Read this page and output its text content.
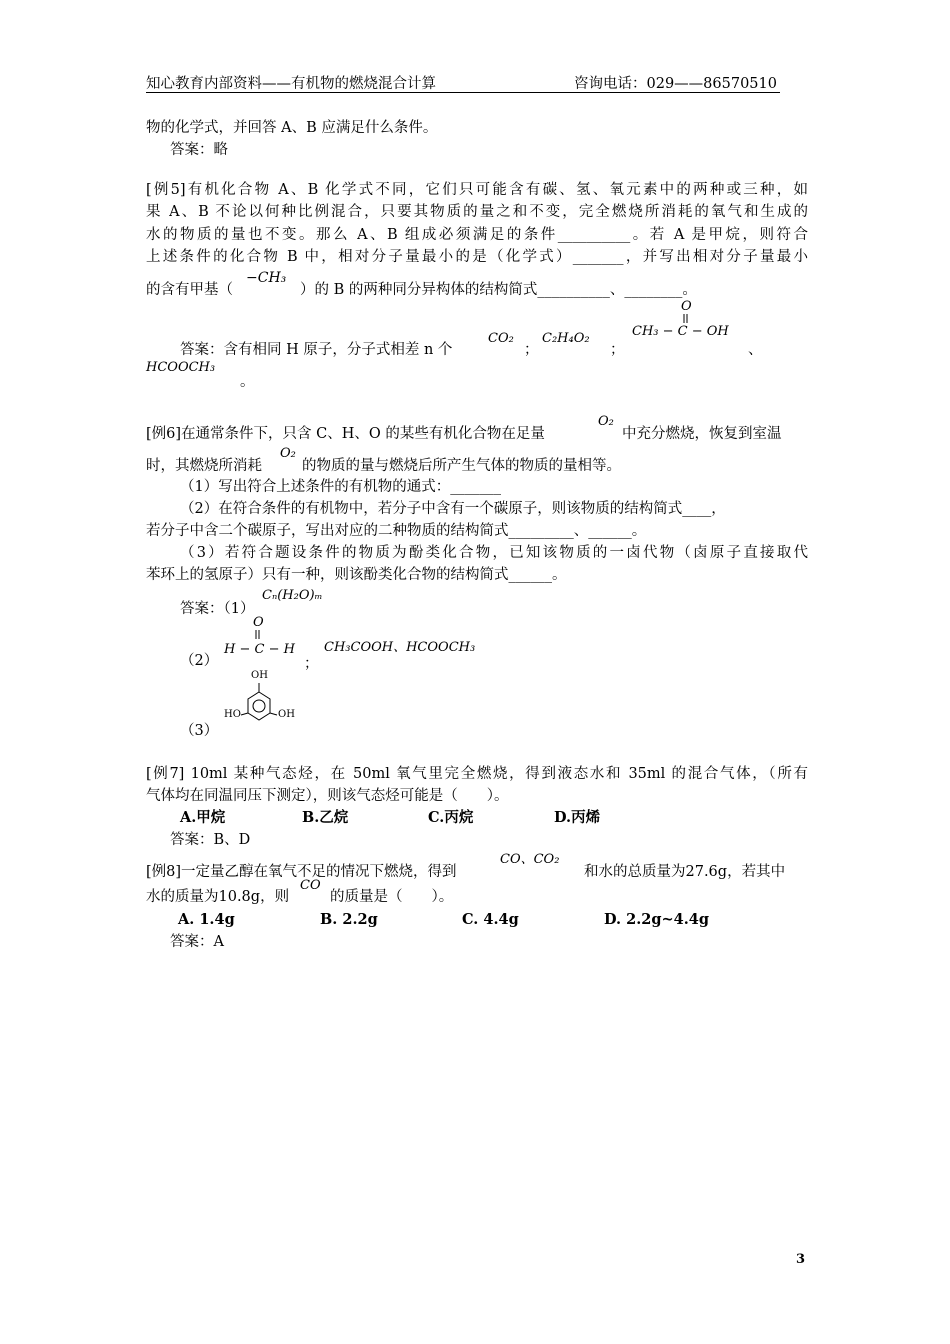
知心教育内部资料——有机物的燃烧混合计算	咨询电话：029——86570510
物的化学式，并回答 A、B 应满足什么条件。
答案：略
[例5]有机化合物 A、B 化学式不同，它们只可能含有碳、氢、氧元素中的两种或三种，如
果 A、B 不论以何种比例混合，只要其物质的量之和不变，完全燃烧所消耗的氧气和生成的
水的物质的量也不变。那么 A、B 组成必须满足的条件__________。若 A 是甲烷，则符合
上述条件的化合物 B 中，相对分子量最小的是（化学式）_______，并写出相对分子量最小
的含有甲基（
−CH₃
）的 B 的两种同分异构体的结构简式__________、________。
答案：含有相同 H 原子，分子式相差 n 个
CO₂
；
C₂H₄O₂
；
O
CH₃ − C − OH
、
HCOOCH₃
。
[例6]在通常条件下，只含 C、H、O 的某些有机化合物在足量
O₂
中充分燃烧，恢复到室温
时，其燃烧所消耗
O₂
的物质的量与燃烧后所产生气体的物质的量相等。
（1）写出符合上述条件的有机物的通式：_______
（2）在符合条件的有机物中，若分子中含有一个碳原子，则该物质的结构简式____，
若分子中含二个碳原子，写出对应的二种物质的结构简式_________、______。
（3）若符合题设条件的物质为酚类化合物，已知该物质的一卤代物（卤原子直接取代
苯环上的氢原子）只有一种，则该酚类化合物的结构简式______。
答案：（1）
Cₙ(H₂O)ₘ
（2）
O
H − C − H
；
CH₃COOH、HCOOCH₃
（3）
OH
HO	OH
[例7] 10ml 某种气态烃，在 50ml 氧气里完全燃烧，得到液态水和 35ml 的混合气体，（所有
气体均在同温同压下测定），则该气态烃可能是（　　）。
A.甲烷	B.乙烷	C.丙烷	D.丙烯
答案：B、D
[例8]一定量乙醇在氧气不足的情况下燃烧，得到
CO、CO₂
和水的总质量为27.6g，若其中
水的质量为10.8g，则
CO
的质量是（　　）。
A. 1.4g	B. 2.2g	C. 4.4g	D. 2.2g~4.4g
答案：A
3
